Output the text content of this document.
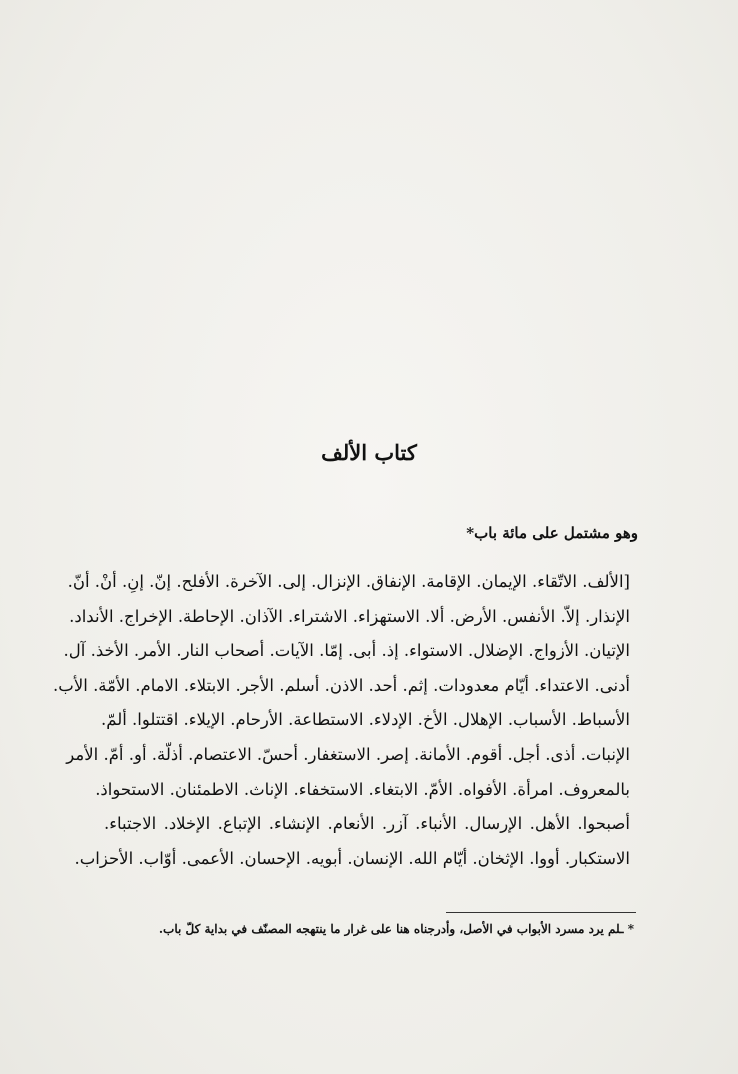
كتاب الألف
وهو مشتمل على مائة باب*
[الألف. الاتّقاء. الإيمان. الإقامة. الإنفاق. الإنزال. إلى. الآخرة. الأفلح. إنّ. إنِ. أنْ. أنّ.
الإنذار. إلاّ. الأنفس. الأرض. ألا. الاستهزاء. الاشتراء. الآذان. الإحاطة. الإخراج. الأنداد.
الإتيان. الأزواج. الإضلال. الاستواء. إذ. أبى. إمّا. الآيات. أصحاب النار. الأمر. الأخذ. آل.
أدنى. الاعتداء. أيّام معدودات. إثم. أحد. الاذن. أسلم. الأجر. الابتلاء. الامام. الأمّة. الأب.
الأسباط. الأسباب. الإهلال. الأخ. الإدلاء. الاستطاعة. الأرحام. الإيلاء. اقتتلوا. ألمّ.
الإنبات. أذى. أجل. أقوم. الأمانة. إصر. الاستغفار. أحسّ. الاعتصام. أذلّة. أو. أمّ. الأمر
بالمعروف. امرأة. الأفواه. الأمّ. الابتغاء. الاستخفاء. الإناث. الاطمئنان. الاستحواذ.
أصبحوا. الأهل. الإرسال. الأنباء. آزر. الأنعام. الإنشاء. الإتباع. الإخلاد. الاجتباء.
الاستكبار. أووا. الإثخان. أيّام الله. الإنسان. أبويه. الإحسان. الأعمى. أوّاب. الأحزاب.
* ـلم يرد مسرد الأبواب في الأصل، وأدرجناه هنا على غرار ما ينتهجه المصنّف في بداية كلّ باب.
